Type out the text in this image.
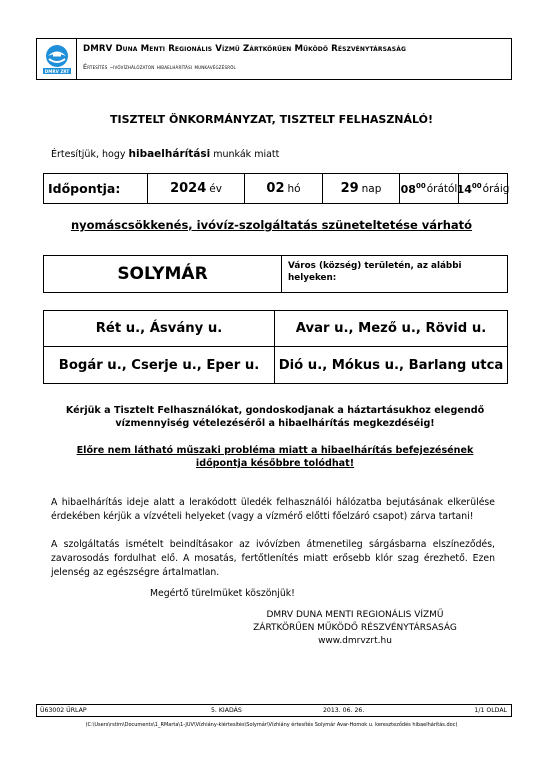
DMRV ZRT
DMRV Duna Menti Regionális Vízmű Zártkörűen Működő Részvénytársaság
Értesítés –ivóvízhálózaton hibaelhárítási munkavégzésről
TISZTELT ÖNKORMÁNYZAT, TISZTELT FELHASZNÁLÓ!
Értesítjük, hogy hibaelhárítási munkák miatt
Időpontja:	2024 év	02 hó	29 nap $08^{00}$ órától $14^{00}$ óráig
nyomáscsökkenés, ivóvíz-szolgáltatás szüneteltetése várható
SOLYMÁR	Város (község) területén, az alábbi helyeken:
Rét u., Ásvány u.	Avar u., Mező u., Rövid u.
Bogár u., Cserje u., Eper u.	Dió u., Mókus u., Barlang utca
Kérjük a Tisztelt Felhasználókat, gondoskodjanak a háztartásukhoz elegendő vízmennyiség vételezéséről a hibaelhárítás megkezdéséig!
Előre nem látható műszaki probléma miatt a hibaelhárítás befejezésének időpontja későbbre tolódhat!
A hibaelhárítás ideje alatt a lerakódott üledék felhasználói hálózatba bejutásának elkerülése érdekében kérjük a vízvételi helyeket (vagy a vízmérő előtti főelzáró csapot) zárva tartani!
A szolgáltatás ismételt beindításakor az ivóvízben átmenetileg sárgásbarna elszíneződés, zavarosodás fordulhat elő. A mosatás, fertőtlenítés miatt erősebb klór szag érezhető. Ezen jelenség az egészségre ártalmatlan.
Megértő türelmüket köszönjük!
DMRV DUNA MENTI REGIONÁLIS VÍZMŰ
ZÁRTKÖRŰEN MŰKÖDŐ RÉSZVÉNYTÁRSASÁG
www.dmrvzrt.hu
Ü63002 ŰRLAP	5. KIADÁS	2013. 06. 26.	1/1 OLDAL
(C:\Users\rstim\Documents\1_RMarta\1-JUV\Vízhiány-kiértesítés\Solymár\Vízhiány értesítés Solymár Avar-Homok u. kereszteződés hibaelhárítás.doc)
